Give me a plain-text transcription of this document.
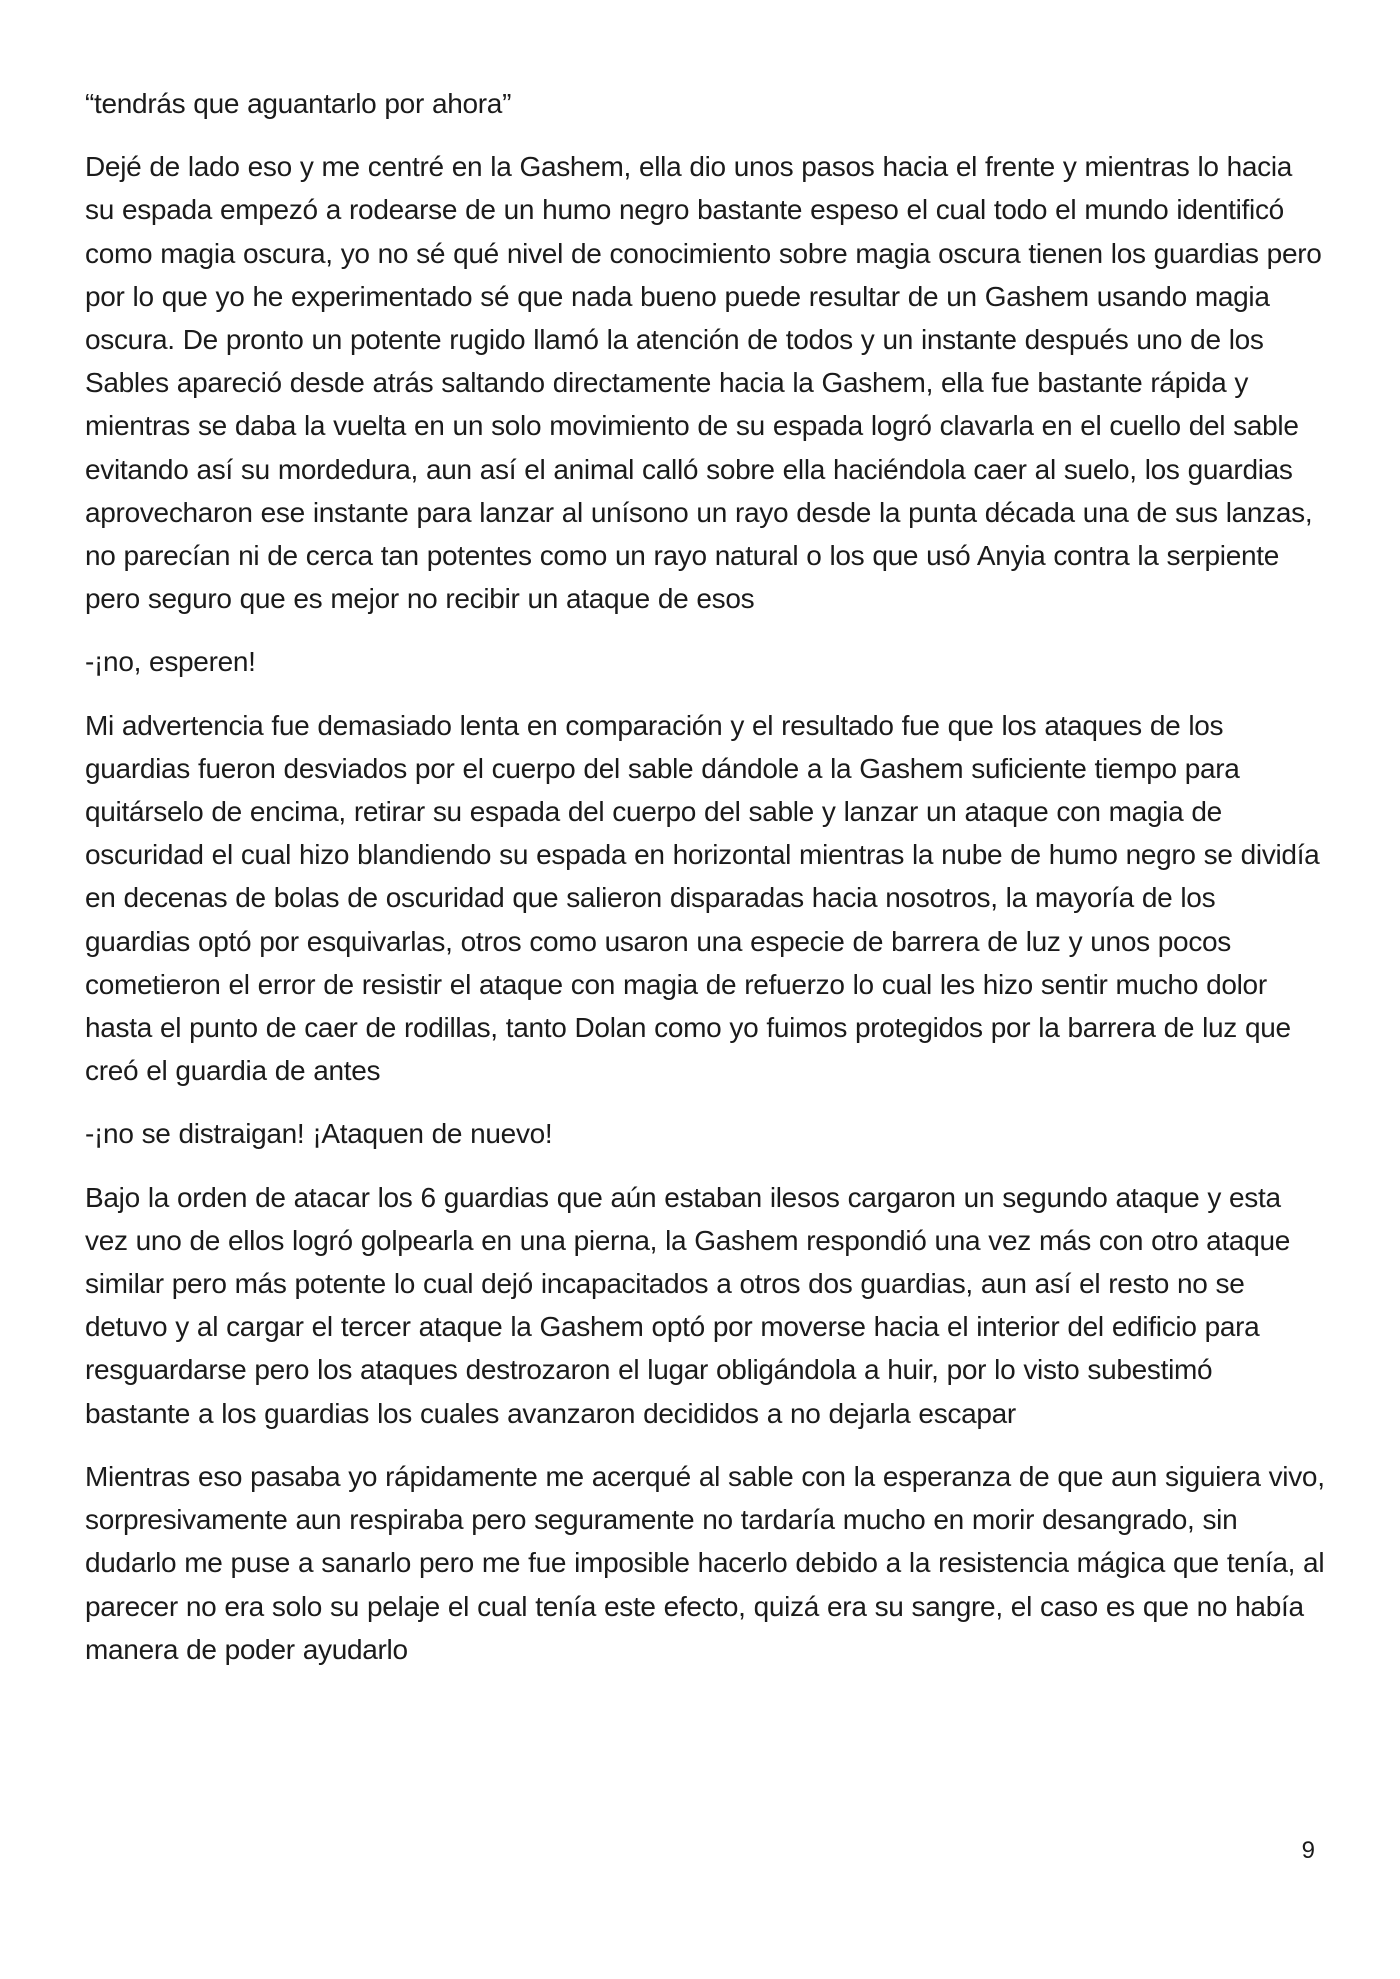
“tendrás que aguantarlo por ahora”

Dejé de lado eso y me centré en la Gashem, ella dio unos pasos hacia el frente y mientras lo hacia su espada empezó a rodearse de un humo negro bastante espeso el cual todo el mundo identificó como magia oscura, yo no sé qué nivel de conocimiento sobre magia oscura tienen los guardias pero por lo que yo he experimentado sé que nada bueno puede resultar de un Gashem usando magia oscura. De pronto un potente rugido llamó la atención de todos y un instante después uno de los Sables apareció desde atrás saltando directamente hacia la Gashem, ella fue bastante rápida y mientras se daba la vuelta en un solo movimiento de su espada logró clavarla en el cuello del sable evitando así su mordedura, aun así el animal calló sobre ella haciéndola caer al suelo, los guardias aprovecharon ese instante para lanzar al unísono un rayo desde la punta década una de sus lanzas, no parecían ni de cerca tan potentes como un rayo natural o los que usó Anyia contra la serpiente pero seguro que es mejor no recibir un ataque de esos

-¡no, esperen!

Mi advertencia fue demasiado lenta en comparación y el resultado fue que los ataques de los guardias fueron desviados por el cuerpo del sable dándole a la Gashem suficiente tiempo para quitárselo de encima, retirar su espada del cuerpo del sable y lanzar un ataque con magia de oscuridad el cual hizo blandiendo su espada en horizontal mientras la nube de humo negro se dividía en decenas de bolas de oscuridad que salieron disparadas hacia nosotros, la mayoría de los guardias optó por esquivarlas, otros como usaron una especie de barrera de luz y unos pocos cometieron el error de resistir el ataque con magia de refuerzo lo cual les hizo sentir mucho dolor hasta el punto de caer de rodillas, tanto Dolan como yo fuimos protegidos por la barrera de luz que creó el guardia de antes

-¡no se distraigan! ¡Ataquen de nuevo!

Bajo la orden de atacar los 6 guardias que aún estaban ilesos cargaron un segundo ataque y esta vez uno de ellos logró golpearla en una pierna, la Gashem respondió una vez más con otro ataque similar pero más potente lo cual dejó incapacitados a otros dos guardias, aun así el resto no se detuvo y al cargar el tercer ataque la Gashem optó por moverse hacia el interior del edificio para resguardarse pero los ataques destrozaron el lugar obligándola a huir, por lo visto subestimó bastante a los guardias los cuales avanzaron decididos a no dejarla escapar

Mientras eso pasaba yo rápidamente me acerqué al sable con la esperanza de que aun siguiera vivo, sorpresivamente aun respiraba pero seguramente no tardaría mucho en morir desangrado, sin dudarlo me puse a sanarlo pero me fue imposible hacerlo debido a la resistencia mágica que tenía, al parecer no era solo su pelaje el cual tenía este efecto, quizá era su sangre, el caso es que no había manera de poder ayudarlo

9
